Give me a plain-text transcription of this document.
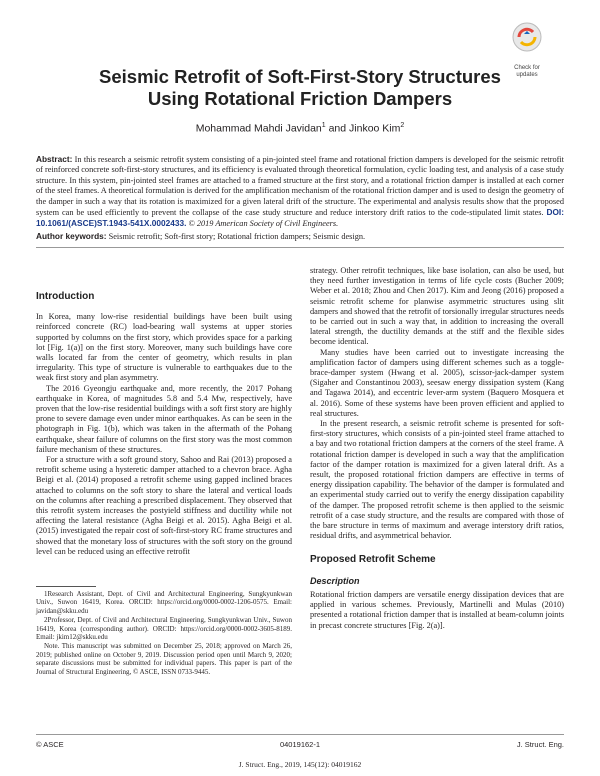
Check for
updates
Seismic Retrofit of Soft-First-Story Structures
Using Rotational Friction Dampers
Mohammad Mahdi Javidan$^1$ and Jinkoo Kim$^2$
Abstract: In this research a seismic retrofit system consisting of a pin-jointed steel frame and rotational friction dampers is developed for the seismic retrofit of reinforced concrete soft-first-story structures, and its efficiency is evaluated through theoretical formulation, cyclic loading test, and analysis of a case study structure. In this system, pin-jointed steel frames are attached to a framed structure at the first story, and a rotational friction damper is installed at each corner of the steel frames. A theoretical formulation is derived for the amplification mechanism of the rotational friction damper and is used to design the geometry of the damper in such a way that its rotation is maximized for a given lateral drift of the structure. The experimental and analysis results show that the proposed system can be used efficiently to prevent the collapse of the case study structure and reduce interstory drift ratios to the code-stipulated limit states. DOI: 10.1061/(ASCE)ST.1943-541X.0002433. © 2019 American Society of Civil Engineers.
Author keywords: Seismic retrofit; Soft-first story; Rotational friction dampers; Seismic design.
Introduction

In Korea, many low-rise residential buildings have been built using reinforced concrete (RC) load-bearing wall systems at upper stories supported by columns on the first story, which provides space for a parking lot [Fig. 1(a)] on the first story. Moreover, many such buildings have core walls located far from the center of geometry, which results in plan irregularity. This type of structure is vulnerable to earthquakes due to the weak first story and plan asymmetry.

The 2016 Gyeongju earthquake and, more recently, the 2017 Pohang earthquake in Korea, of magnitudes 5.8 and 5.4 Mw, respectively, have proven that the low-rise residential buildings with a soft first story are highly prone to severe damage even under minor earthquakes. As can be seen in the photograph in Fig. 1(b), which was taken in the aftermath of the Pohang earthquake, shear failure of columns on the first story was the most common failure mechanism of these structures.

For a structure with a soft ground story, Sahoo and Rai (2013) proposed a retrofit scheme using a hysteretic damper attached to a chevron brace. Agha Beigi et al. (2014) proposed a retrofit scheme using gapped inclined braces attached to columns on the soft story to share the lateral and vertical loads on the columns after reaching a prescribed displacement. They observed that this retrofit system increases the postyield stiffness and ductility while not affecting the lateral resistance (Agha Beigi et al. 2015). Agha Beigi et al. (2015) investigated the repair cost of soft-first-story RC frame structures and showed that the monetary loss of structures with the soft story on the ground level can be reduced using an effective retrofit

1Research Assistant, Dept. of Civil and Architectural Engineering, Sungkyunkwan Univ., Suwon 16419, Korea. ORCID: https://orcid.org/0000-0002-1206-0575. Email: javidan@skku.edu

2Professor, Dept. of Civil and Architectural Engineering, Sungkyunkwan Univ., Suwon 16419, Korea (corresponding author). ORCID: https://orcid.org/0000-0002-3605-8189. Email: jkim12@skku.edu

Note. This manuscript was submitted on December 25, 2018; approved on March 26, 2019; published online on October 9, 2019. Discussion period open until March 9, 2020; separate discussions must be submitted for individual papers. This paper is part of the Journal of Structural Engineering, © ASCE, ISSN 0733-9445.

strategy. Other retrofit techniques, like base isolation, can also be used, but they need further investigation in terms of life cycle costs (Bucher 2009; Weber et al. 2018; Zhou and Chen 2017). Kim and Jeong (2016) proposed a seismic retrofit scheme for planwise asymmetric structures using slit dampers and showed that the retrofit of torsionally irregular structures needs to be carried out in such a way that, in addition to increasing the overall lateral strength, the ductility demands at the stiff and the flexible sides become identical.

Many studies have been carried out to investigate increasing the amplification factor of dampers using different schemes such as a toggle-brace-damper system (Hwang et al. 2005), scissor-jack-damper system (Sigaher and Constantinou 2003), seesaw energy dissipation system (Kang and Tagawa 2014), and eccentric lever-arm system (Baquero Mosquera et al. 2016). Some of these systems have been proven efficient and applied to real structures.

In the present research, a seismic retrofit scheme is presented for soft-first-story structures, which consists of a pin-jointed steel frame attached to a bay and two rotational friction dampers at the corners of the steel frame. A rotational friction damper is developed in such a way that the amplification factor of the damper rotation is maximized for a given lateral drift. As a result, the proposed rotational friction dampers are effective in terms of energy dissipation capability. The behavior of the damper is formulated and an experimental study carried out to verify the energy dissipation capability of the damper. The proposed retrofit scheme is then applied to the seismic retrofit of a case study structure, and the results are compared with those of the bare structure in terms of maximum and average interstory drift ratios, residual drifts, and asymmetrical behavior.

Proposed Retrofit Scheme
Description

Rotational friction dampers are versatile energy dissipation devices that are applied in various schemes. Previously, Martinelli and Mulas (2010) presented a rotational friction damper that is installed at beam-column joints in precast concrete structures [Fig. 2(a)].

© ASCE	04019162-1	J. Struct. Eng.
J. Struct. Eng., 2019, 145(12): 04019162
